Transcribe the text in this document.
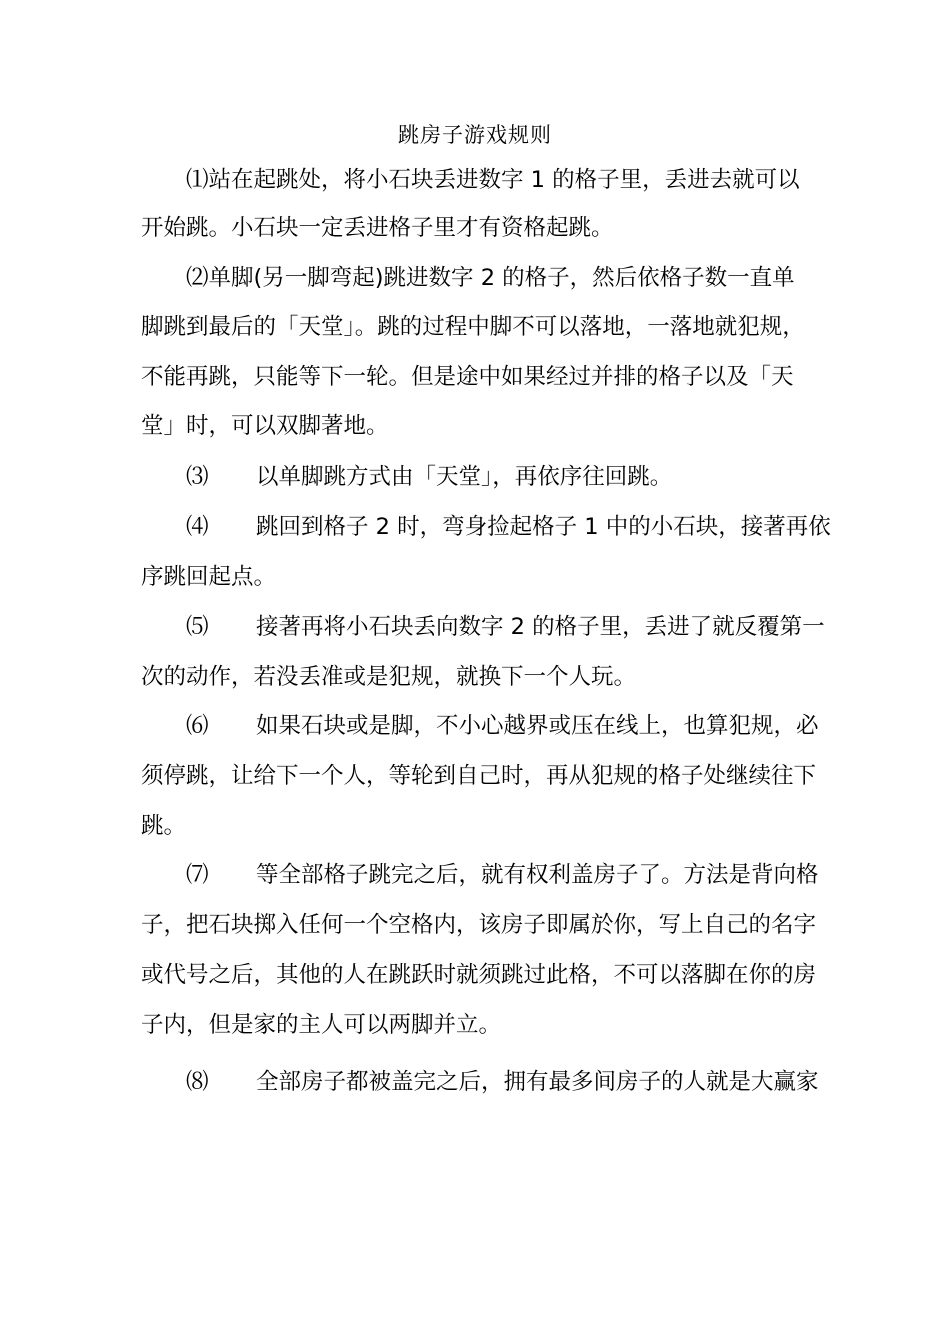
跳房子游戏规则
⑴站在起跳处，将小石块丢进数字 1 的格子里，丢进去就可以
开始跳。小石块一定丢进格子里才有资格起跳。
⑵单脚(另一脚弯起)跳进数字 2 的格子，然后依格子数一直单
脚跳到最后的「天堂」。跳的过程中脚不可以落地，一落地就犯规，
不能再跳，只能等下一轮。但是途中如果经过并排的格子以及「天
堂」时，可以双脚著地。
⑶ 以单脚跳方式由「天堂」，再依序往回跳。
⑷ 跳回到格子 2 时，弯身捡起格子 1 中的小石块，接著再依
序跳回起点。
⑸ 接著再将小石块丢向数字 2 的格子里，丢进了就反覆第一
次的动作，若没丢准或是犯规，就换下一个人玩。
⑹ 如果石块或是脚，不小心越界或压在线上，也算犯规，必
须停跳，让给下一个人，等轮到自己时，再从犯规的格子处继续往下
跳。
⑺ 等全部格子跳完之后，就有权利盖房子了。方法是背向格
子，把石块掷入任何一个空格内，该房子即属於你，写上自己的名字
或代号之后，其他的人在跳跃时就须跳过此格，不可以落脚在你的房
子内，但是家的主人可以两脚并立。
⑻ 全部房子都被盖完之后，拥有最多间房子的人就是大赢家
